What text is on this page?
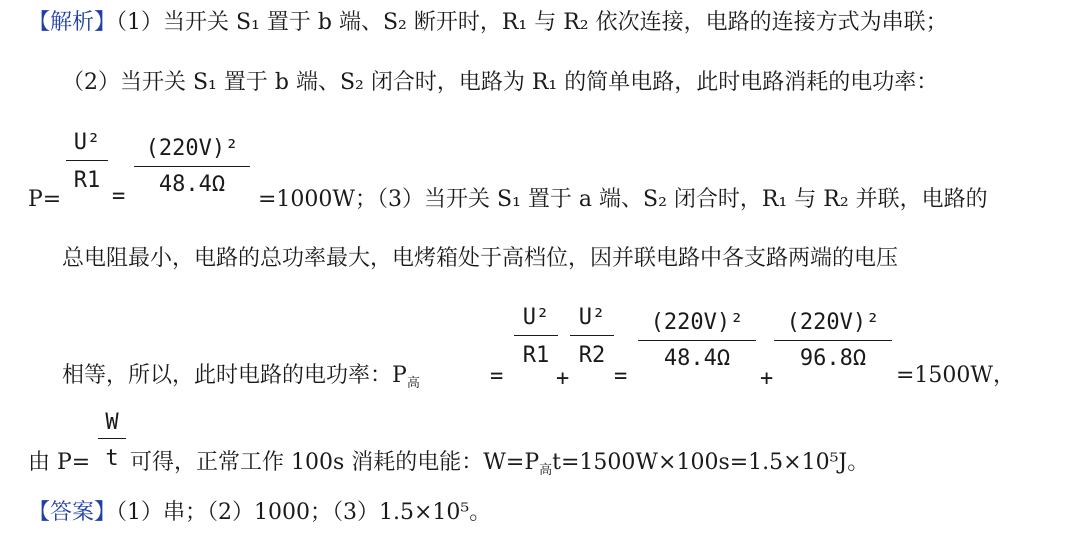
【解析】（1）当开关 S₁ 置于 b 端、S₂ 断开时，R₁ 与 R₂ 依次连接，电路的连接方式为串联；
（2）当开关 S₁ 置于 b 端、S₂ 闭合时，电路为 R₁ 的简单电路，此时电路消耗的电功率：
P=
U²
R1
=
(220V)²
48.4Ω
=1000W；（3）当开关 S₁ 置于 a 端、S₂ 闭合时，R₁ 与 R₂ 并联，电路的
总电阻最小，电路的总功率最大，电烤箱处于高档位，因并联电路中各支路两端的电压
相等，所以，此时电路的电功率：$P_高$	=
U²
R1
+
U²
R2
=
(220V)²
48.4Ω
+
(220V)²
96.8Ω
=1500W，
由 P=
W
t 可得，正常工作 100s 消耗的电能：$W=P_高t=1500W\times 100s=1.5\times 10^5J$。
【答案】（1）串；（2）1000；（3）1.5×10⁵。
